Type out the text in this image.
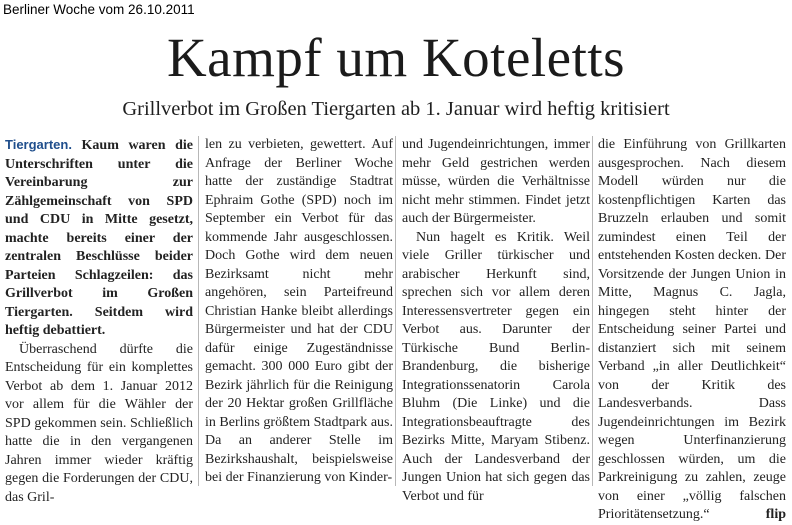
Berliner Woche vom 26.10.2011
Kampf um Koteletts
Grillverbot im Großen Tiergarten ab 1. Januar wird heftig kritisiert

Tiergarten. Kaum waren die Unterschriften unter die Vereinbarung zur Zählgemeinschaft von SPD und CDU in Mitte gesetzt, machte bereits einer der zentralen Beschlüsse beider Parteien Schlagzeilen: das Grillverbot im Großen Tiergarten. Seitdem wird heftig debattiert.

Überraschend dürfte die Entscheidung für ein komplettes Verbot ab dem 1. Januar 2012 vor allem für die Wähler der SPD gekommen sein. Schließlich hatte die in den vergangenen Jahren immer wieder kräftig gegen die Forderungen der CDU, das Gril-

len zu verbieten, gewettert. Auf Anfrage der Berliner Woche hatte der zuständige Stadtrat Ephraim Gothe (SPD) noch im September ein Verbot für das kommende Jahr ausgeschlossen. Doch Gothe wird dem neuen Bezirksamt nicht mehr angehören, sein Parteifreund Christian Hanke bleibt allerdings Bürgermeister und hat der CDU dafür einige Zugeständnisse gemacht. 300 000 Euro gibt der Bezirk jährlich für die Reinigung der 20 Hektar großen Grillfläche in Berlins größtem Stadtpark aus. Da an anderer Stelle im Bezirkshaushalt, beispielsweise bei der Finanzierung von Kinder-

und Jugendeinrichtungen, immer mehr Geld gestrichen werden müsse, würden die Verhältnisse nicht mehr stimmen. Findet jetzt auch der Bürgermeister.

Nun hagelt es Kritik. Weil viele Griller türkischer und arabischer Herkunft sind, sprechen sich vor allem deren Interessensvertreter gegen ein Verbot aus. Darunter der Türkische Bund Berlin-Brandenburg, die bisherige Integrationssenatorin Carola Bluhm (Die Linke) und die Integrationsbeauftragte des Bezirks Mitte, Maryam Stibenz. Auch der Landesverband der Jungen Union hat sich gegen das Verbot und für

die Einführung von Grillkarten ausgesprochen. Nach diesem Modell würden nur die kostenpflichtigen Karten das Bruzzeln erlauben und somit zumindest einen Teil der entstehenden Kosten decken. Der Vorsitzende der Jungen Union in Mitte, Magnus C. Jagla, hingegen steht hinter der Entscheidung seiner Partei und distanziert sich mit seinem Verband „in aller Deutlichkeit“ von der Kritik des Landesverbands. Dass Jugendeinrichtungen im Bezirk wegen Unterfinanzierung geschlossen würden, um die Parkreinigung zu zahlen, zeuge von einer „völlig falschen Prioritätensetzung.“	flip
